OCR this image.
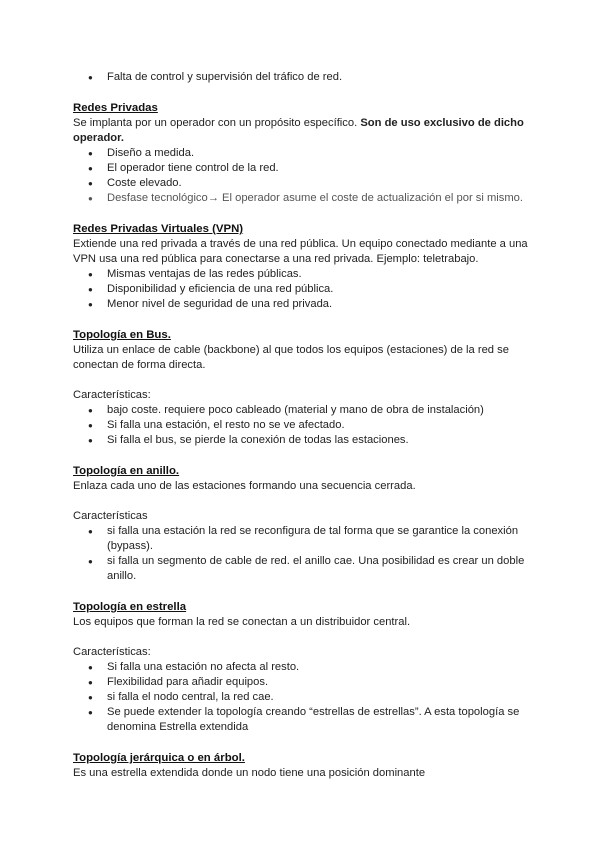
● Falta de control y supervisión del tráfico de red.
Redes Privadas

Se implanta por un operador con un propósito específico. Son de uso exclusivo de dicho operador.

● Diseño a medida.
● El operador tiene control de la red.
● Coste elevado.
● Desfase tecnológico→ El operador asume el coste de actualización el por si mismo.
Redes Privadas Virtuales (VPN)

Extiende una red privada a través de una red pública. Un equipo conectado mediante a una VPN usa una red pública para conectarse a una red privada. Ejemplo: teletrabajo.

● Mismas ventajas de las redes públicas.
● Disponibilidad y eficiencia de una red pública.
● Menor nivel de seguridad de una red privada.
Topología en Bus.

Utiliza un enlace de cable (backbone) al que todos los equipos (estaciones) de la red se conectan de forma directa.

Características:

● bajo coste. requiere poco cableado (material y mano de obra de instalación)
● Si falla una estación, el resto no se ve afectado.
● Si falla el bus, se pierde la conexión de todas las estaciones.
Topología en anillo.

Enlaza cada uno de las estaciones formando una secuencia cerrada.

Características

● si falla una estación la red se reconfigura de tal forma que se garantice la conexión (bypass).
● si falla un segmento de cable de red. el anillo cae. Una posibilidad es crear un doble anillo.
Topología en estrella

Los equipos que forman la red se conectan a un distribuidor central.

Características:

● Si falla una estación no afecta al resto.
● Flexibilidad para añadir equipos.
● si falla el nodo central, la red cae.
● Se puede extender la topología creando “estrellas de estrellas”. A esta topología se denomina Estrella extendida
Topología jerárquica o en árbol.

Es una estrella extendida donde un nodo tiene una posición dominante
